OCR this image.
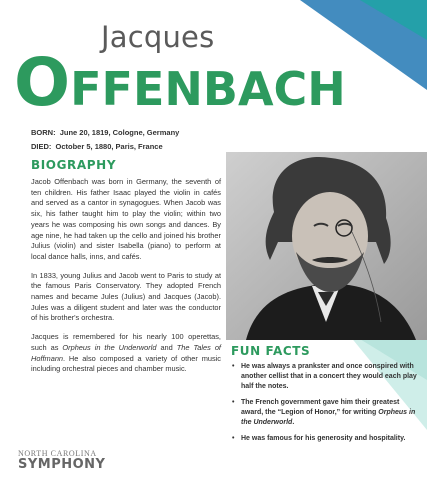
Jacques
OFFENBACH
BORN: June 20, 1819, Cologne, Germany
DIED: October 5, 1880, Paris, France
BIOGRAPHY

Jacob Offenbach was born in Germany, the seventh of ten children. His father Isaac played the violin in cafés and served as a cantor in synagogues. When Jacob was six, his father taught him to play the violin; within two years he was composing his own songs and dances. By age nine, he had taken up the cello and joined his brother Julius (violin) and sister Isabella (piano) to perform at local dance halls, inns, and cafés.

In 1833, young Julius and Jacob went to Paris to study at the famous Paris Conservatory. They adopted French names and became Jules (Julius) and Jacques (Jacob). Jules was a diligent student and later was the conductor of his brother's orchestra.

Jacques is remembered for his nearly 100 operettas, such as Orpheus in the Underworld and The Tales of Hoffmann. He also composed a variety of other music including orchestral pieces and chamber music.

FUN FACTS
• He was always a prankster and once conspired with another cellist that in a concert they would each play half the notes.
• The French government gave him their greatest award, the “Legion of Honor,” for writing Orpheus in the Underworld.
• He was famous for his generosity and hospitality.
NORTH CAROLINA
SYMPHONY
